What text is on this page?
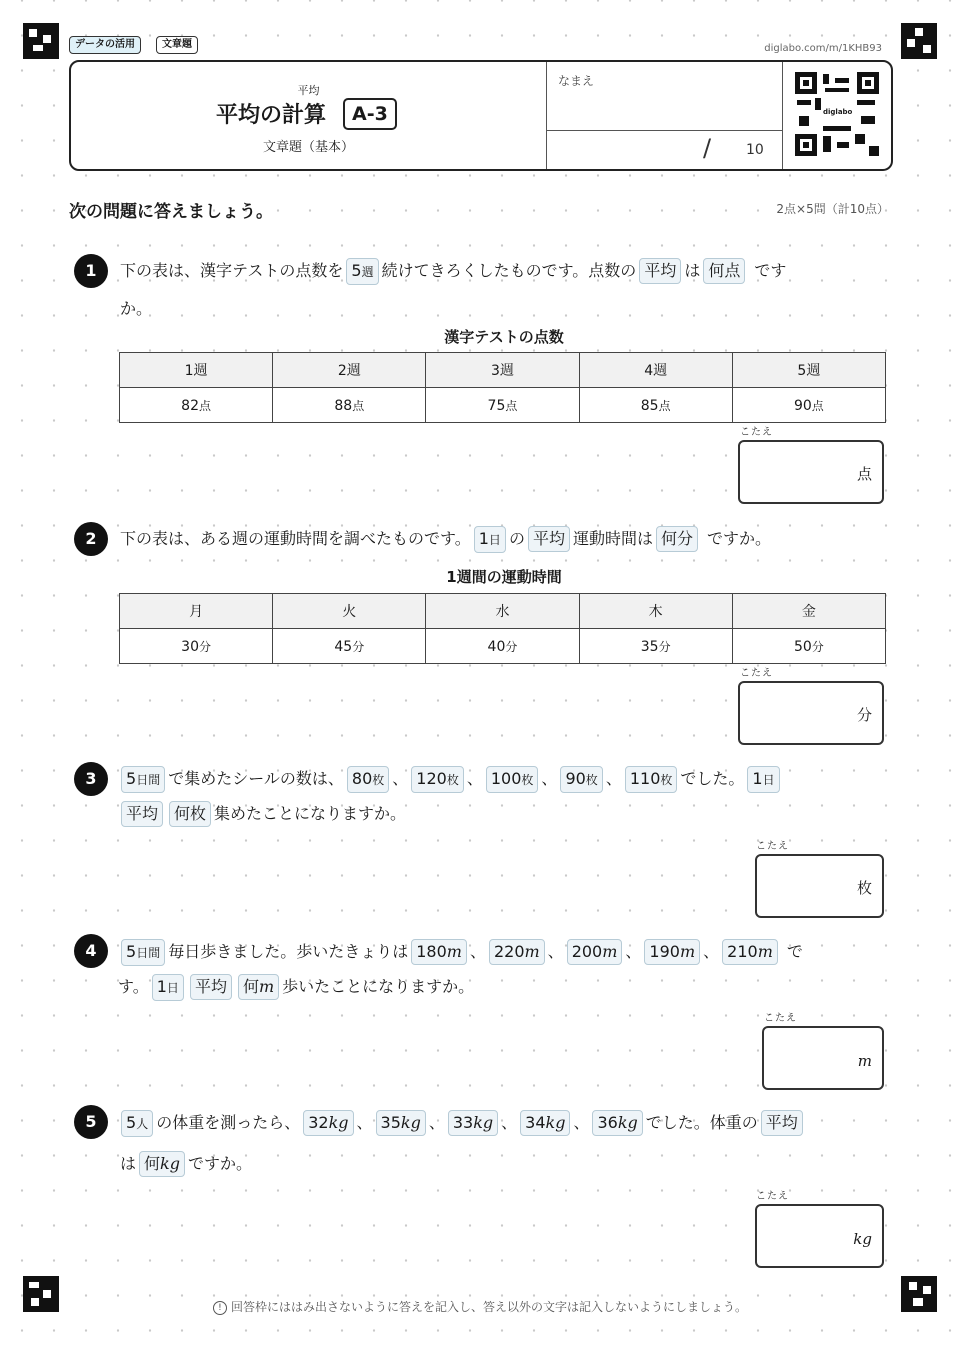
データの活用	文章題	diglabo.com/m/1KHB93
平均
平均の計算	A-3
文章題（基本）
なまえ
/ 10
diglabo
次の問題に答えましょう。	2点×5問（計10点）
1	下の表は、漢字テストの点数を 5週 続けてきろくしたものです。点数の 平均 は 何点 です
か。
漢字テストの点数
1週	2週	3週	4週	5週
82点	88点	75点	85点	90点
こたえ
点
2	下の表は、ある週の運動時間を調べたものです。 1日 の 平均 運動時間は 何分 ですか。
1週間の運動時間
月	火	水	木	金
30分	45分	40分	35分	50分
こたえ
分
3	5日間 で集めたシールの数は、 80枚 、 120枚 、 100枚 、 90枚 、 110枚 でした。 1日
平均 何枚 集めたことになりますか。
こたえ
枚
4	5日間 毎日歩きました。歩いたきょりは 180m 、 220m 、 200m 、 190m 、 210m で
す。 1日 平均 何m 歩いたことになりますか。
こたえ
m
5	5人 の体重を測ったら、 32kg 、 35kg 、 33kg 、 34kg 、 36kg でした。体重の 平均
は 何kg ですか。
こたえ
kg
! 回答枠にははみ出さないように答えを記入し、答え以外の文字は記入しないようにしましょう。
